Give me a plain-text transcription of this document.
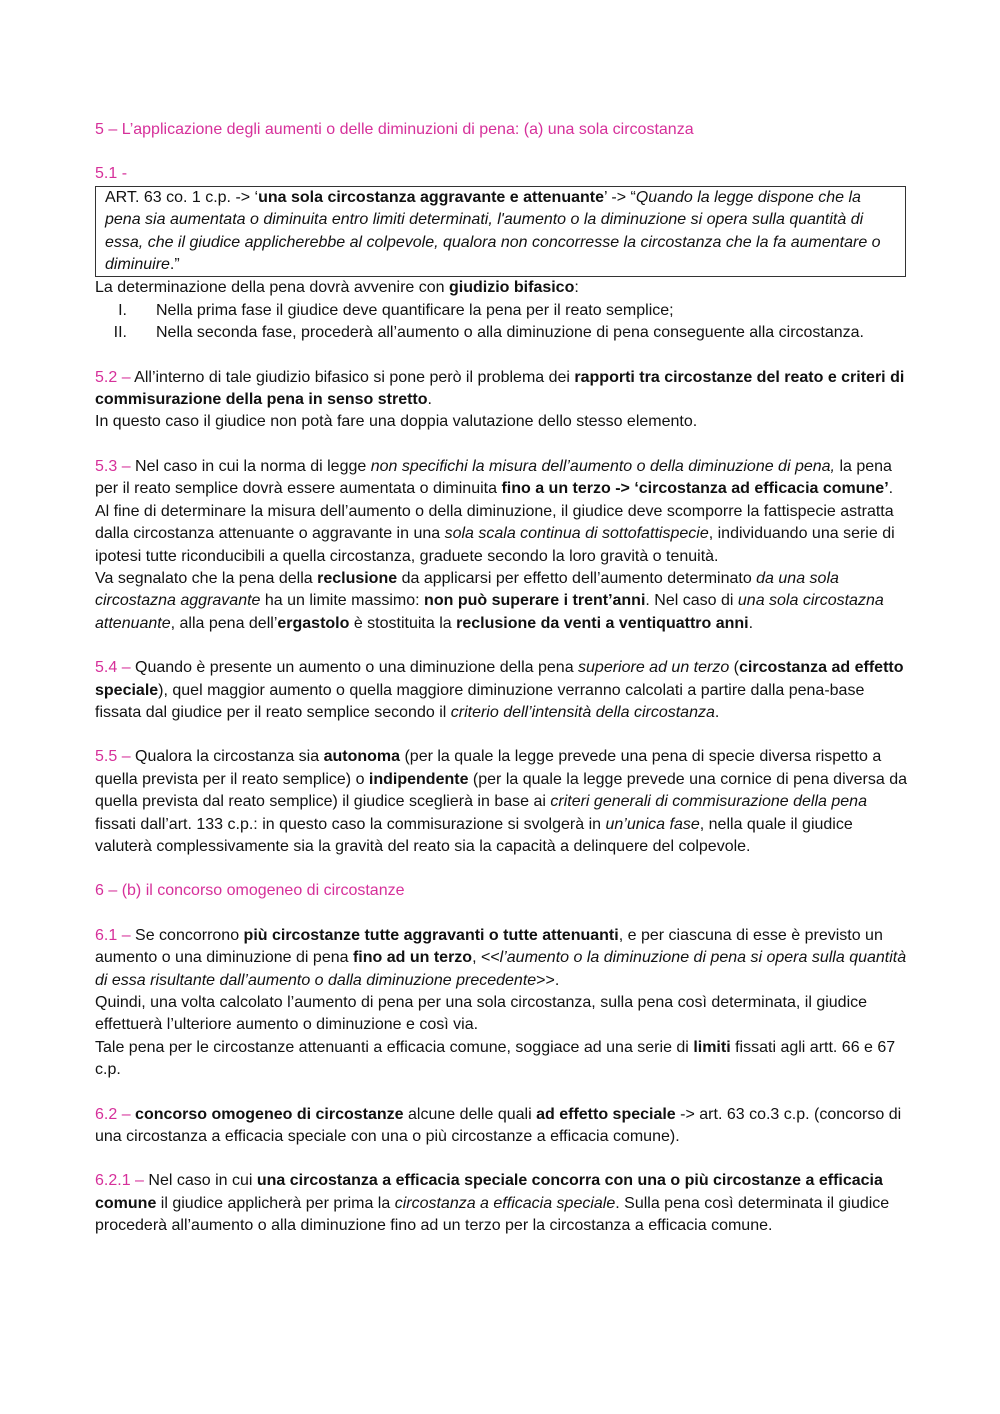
5 – L’applicazione degli aumenti o delle diminuzioni di pena: (a) una sola circostanza

5.1 -

ART. 63 co. 1 c.p. -> ‘una sola circostanza aggravante e attenuante’ -> “Quando la legge dispone che la pena sia aumentata o diminuita entro limiti determinati, l'aumento o la diminuzione si opera sulla quantità di essa, che il giudice applicherebbe al colpevole, qualora non concorresse la circostanza che la fa aumentare o diminuire.”

La determinazione della pena dovrà avvenire con giudizio bifasico:

I.	Nella prima fase il giudice deve quantificare la pena per il reato semplice;
II.	Nella seconda fase, procederà all’aumento o alla diminuzione di pena conseguente alla circostanza.

5.2 – All’interno di tale giudizio bifasico si pone però il problema dei rapporti tra circostanze del reato e criteri di commisurazione della pena in senso stretto.

In questo caso il giudice non potà fare una doppia valutazione dello stesso elemento.

5.3 – Nel caso in cui la norma di legge non specifichi la misura dell’aumento o della diminuzione di pena, la pena per il reato semplice dovrà essere aumentata o diminuita fino a un terzo -> ‘circostanza ad efficacia comune’.

Al fine di determinare la misura dell’aumento o della diminuzione, il giudice deve scomporre la fattispecie astratta dalla circostanza attenuante o aggravante in una sola scala continua di sottofattispecie, individuando una serie di ipotesi tutte riconducibili a quella circostanza, graduete secondo la loro gravità o tenuità.

Va segnalato che la pena della reclusione da applicarsi per effetto dell’aumento determinato da una sola circostazna aggravante ha un limite massimo: non può superare i trent’anni. Nel caso di una sola circostazna attenuante, alla pena dell’ergastolo è stostituita la reclusione da venti a ventiquattro anni.

5.4 – Quando è presente un aumento o una diminuzione della pena superiore ad un terzo (circostanza ad effetto speciale), quel maggior aumento o quella maggiore diminuzione verranno calcolati a partire dalla pena-base fissata dal giudice per il reato semplice secondo il criterio dell’intensità della circostanza.

5.5 – Qualora la circostanza sia autonoma (per la quale la legge prevede una pena di specie diversa rispetto a quella prevista per il reato semplice) o indipendente (per la quale la legge prevede una cornice di pena diversa da quella prevista dal reato semplice) il giudice sceglierà in base ai criteri generali di commisurazione della pena fissati dall’art. 133 c.p.: in questo caso la commisurazione si svolgerà in un’unica fase, nella quale il giudice valuterà complessivamente sia la gravità del reato sia la capacità a delinquere del colpevole.

6 – (b) il concorso omogeneo di circostanze

6.1 – Se concorrono più circostanze tutte aggravanti o tutte attenuanti, e per ciascuna di esse è previsto un aumento o una diminuzione di pena fino ad un terzo, <<l’aumento o la diminuzione di pena si opera sulla quantità di essa risultante dall’aumento o dalla diminuzione precedente>>.

Quindi, una volta calcolato l’aumento di pena per una sola circostanza, sulla pena così determinata, il giudice effettuerà l’ulteriore aumento o diminuzione e così via.

Tale pena per le circostanze attenuanti a efficacia comune, soggiace ad una serie di limiti fissati agli artt. 66 e 67 c.p.

6.2 – concorso omogeneo di circostanze alcune delle quali ad effetto speciale -> art. 63 co.3 c.p. (concorso di una circostanza a efficacia speciale con una o più circostanze a efficacia comune).

6.2.1 – Nel caso in cui una circostanza a efficacia speciale concorra con una o più circostanze a efficacia comune il giudice applicherà per prima la circostanza a efficacia speciale. Sulla pena così determinata il giudice procederà all’aumento o alla diminuzione fino ad un terzo per la circostanza a efficacia comune.
